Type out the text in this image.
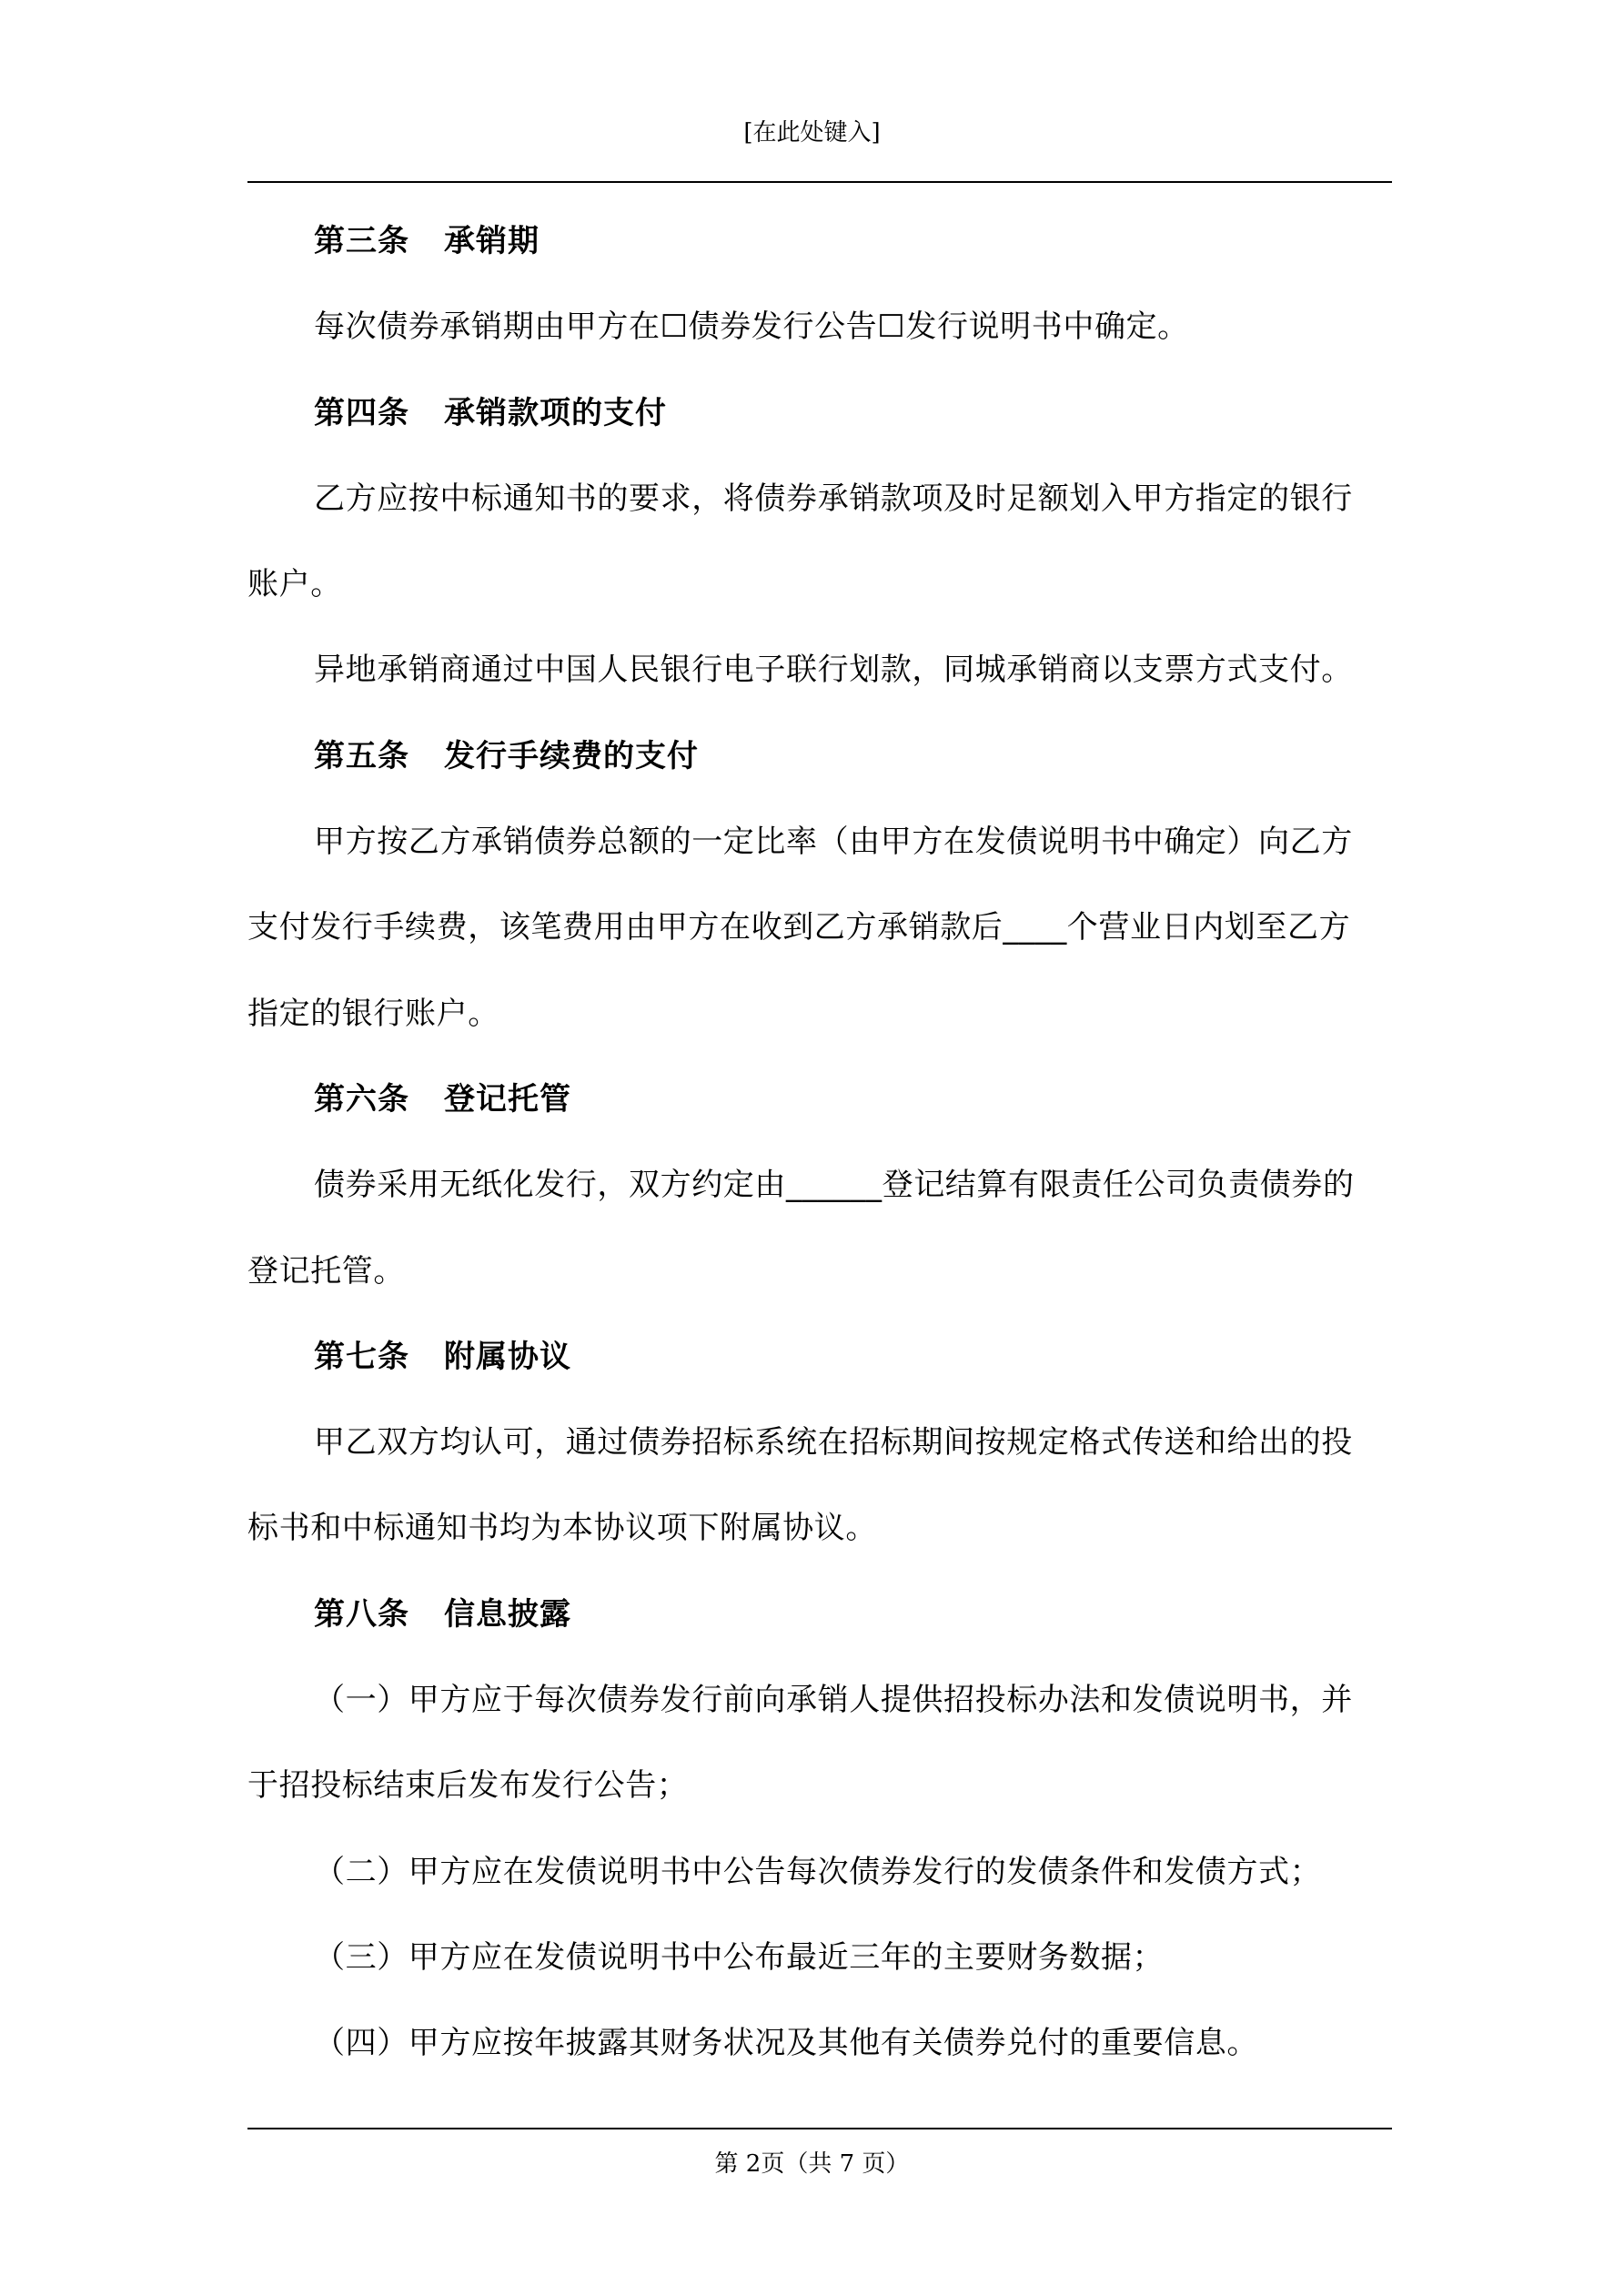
[在此处键入]
第三条 承销期
每次债券承销期由甲方在☐债券发行公告☐发行说明书中确定。
第四条 承销款项的支付
乙方应按中标通知书的要求，将债券承销款项及时足额划入甲方指定的银行
账户。
异地承销商通过中国人民银行电子联行划款，同城承销商以支票方式支付。
第五条 发行手续费的支付
甲方按乙方承销债券总额的一定比率（由甲方在发债说明书中确定）向乙方
支付发行手续费，该笔费用由甲方在收到乙方承销款后____个营业日内划至乙方
指定的银行账户。
第六条 登记托管
债券采用无纸化发行，双方约定由______登记结算有限责任公司负责债券的
登记托管。
第七条 附属协议
甲乙双方均认可，通过债券招标系统在招标期间按规定格式传送和给出的投
标书和中标通知书均为本协议项下附属协议。
第八条 信息披露
（一）甲方应于每次债券发行前向承销人提供招投标办法和发债说明书，并
于招投标结束后发布发行公告；
（二）甲方应在发债说明书中公告每次债券发行的发债条件和发债方式；
（三）甲方应在发债说明书中公布最近三年的主要财务数据；
（四）甲方应按年披露其财务状况及其他有关债券兑付的重要信息。
第 2页（共 7 页）
